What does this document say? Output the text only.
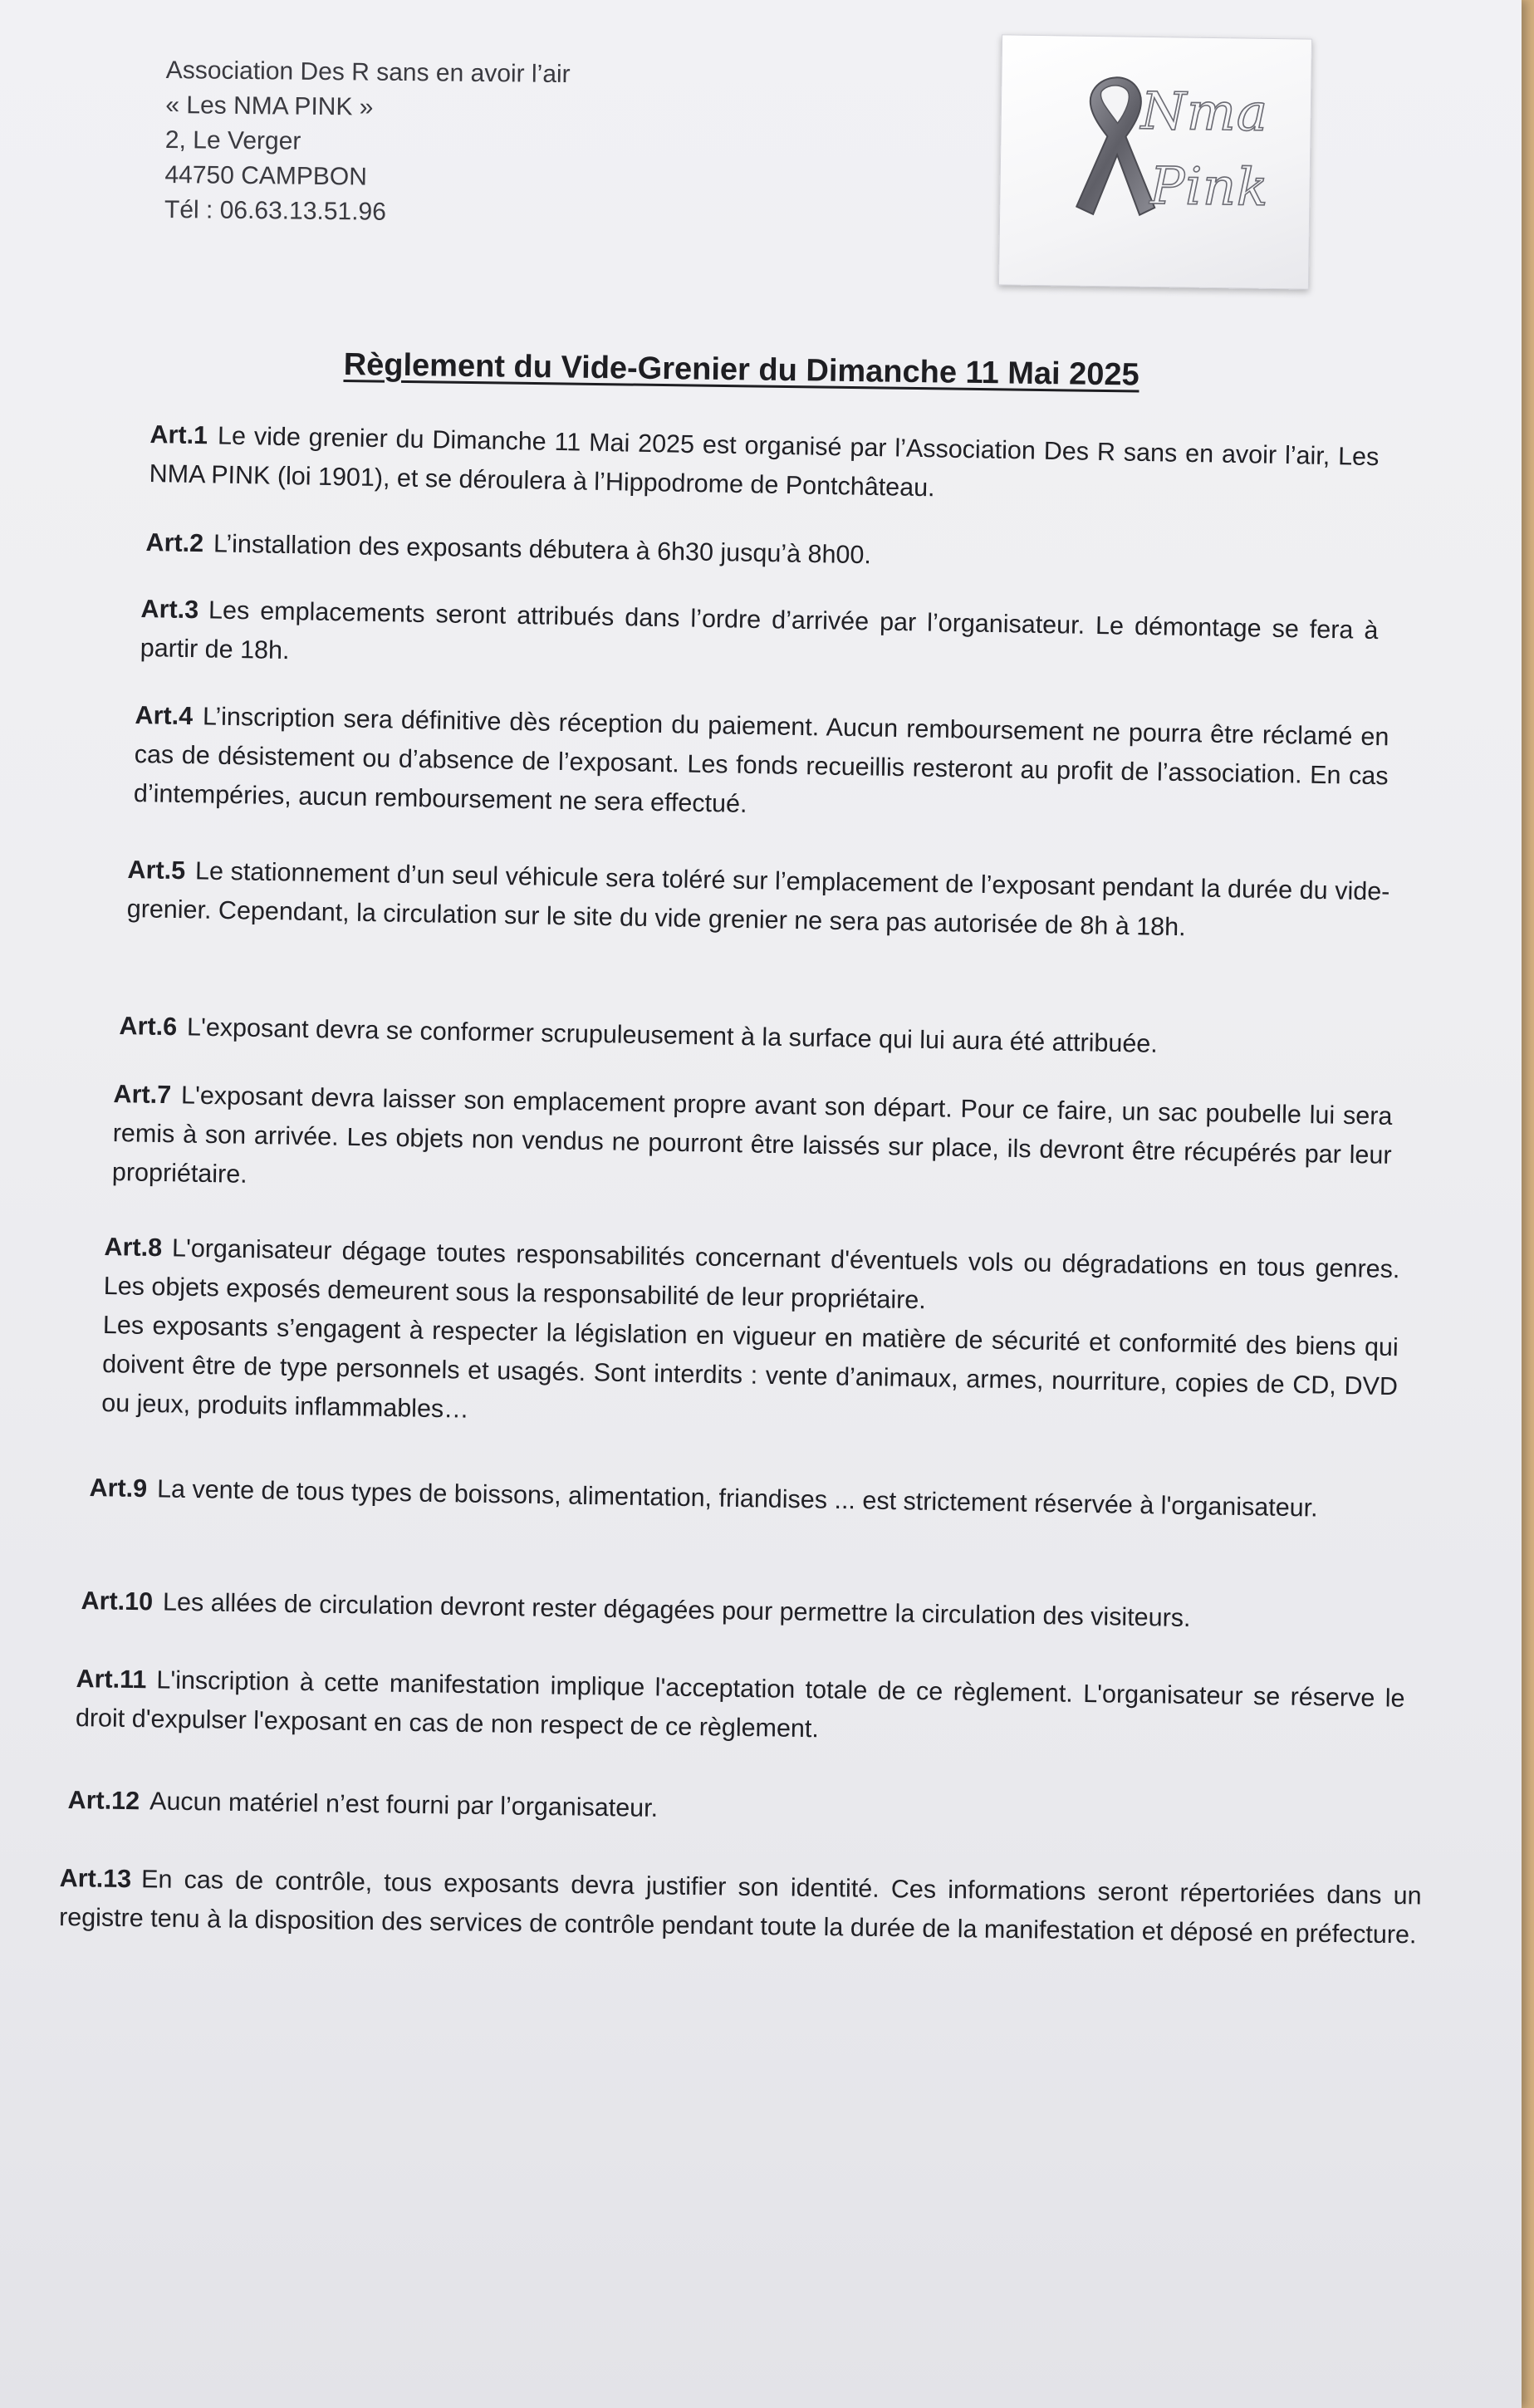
Association Des R sans en avoir l’air
« Les NMA PINK »
2, Le Verger
44750 CAMPBON
Tél : 06.63.13.51.96
Nma
Pink
Règlement du Vide-Grenier du Dimanche 11 Mai 2025
Art.1 Le vide grenier du Dimanche 11 Mai 2025 est organisé par l’Association Des R sans en avoir l’air, Les NMA PINK (loi 1901), et se déroulera à l’Hippodrome de Pontchâteau.
Art.2 L’installation des exposants débutera à 6h30 jusqu’à 8h00.
Art.3 Les emplacements seront attribués dans l’ordre d’arrivée par l’organisateur. Le démontage se fera à partir de 18h.
Art.4 L’inscription sera définitive dès réception du paiement. Aucun remboursement ne pourra être réclamé en cas de désistement ou d’absence de l’exposant. Les fonds recueillis resteront au profit de l’association. En cas d’intempéries, aucun remboursement ne sera effectué.
Art.5 Le stationnement d’un seul véhicule sera toléré sur l’emplacement de l’exposant pendant la durée du vide-grenier. Cependant, la circulation sur le site du vide grenier ne sera pas autorisée de 8h à 18h.
Art.6 L'exposant devra se conformer scrupuleusement à la surface qui lui aura été attribuée.
Art.7 L'exposant devra laisser son emplacement propre avant son départ. Pour ce faire, un sac poubelle lui sera remis à son arrivée. Les objets non vendus ne pourront être laissés sur place, ils devront être récupérés par leur propriétaire.
Art.8 L'organisateur dégage toutes responsabilités concernant d'éventuels vols ou dégradations en tous genres. Les objets exposés demeurent sous la responsabilité de leur propriétaire.
Les exposants s’engagent à respecter la législation en vigueur en matière de sécurité et conformité des biens qui doivent être de type personnels et usagés. Sont interdits : vente d’animaux, armes, nourriture, copies de CD, DVD ou jeux, produits inflammables…
Art.9 La vente de tous types de boissons, alimentation, friandises ... est strictement réservée à l'organisateur.
Art.10 Les allées de circulation devront rester dégagées pour permettre la circulation des visiteurs.
Art.11 L'inscription à cette manifestation implique l'acceptation totale de ce règlement. L'organisateur se réserve le droit d'expulser l'exposant en cas de non respect de ce règlement.
Art.12 Aucun matériel n’est fourni par l’organisateur.
Art.13 En cas de contrôle, tous exposants devra justifier son identité. Ces informations seront répertoriées dans un registre tenu à la disposition des services de contrôle pendant toute la durée de la manifestation et déposé en préfecture.
